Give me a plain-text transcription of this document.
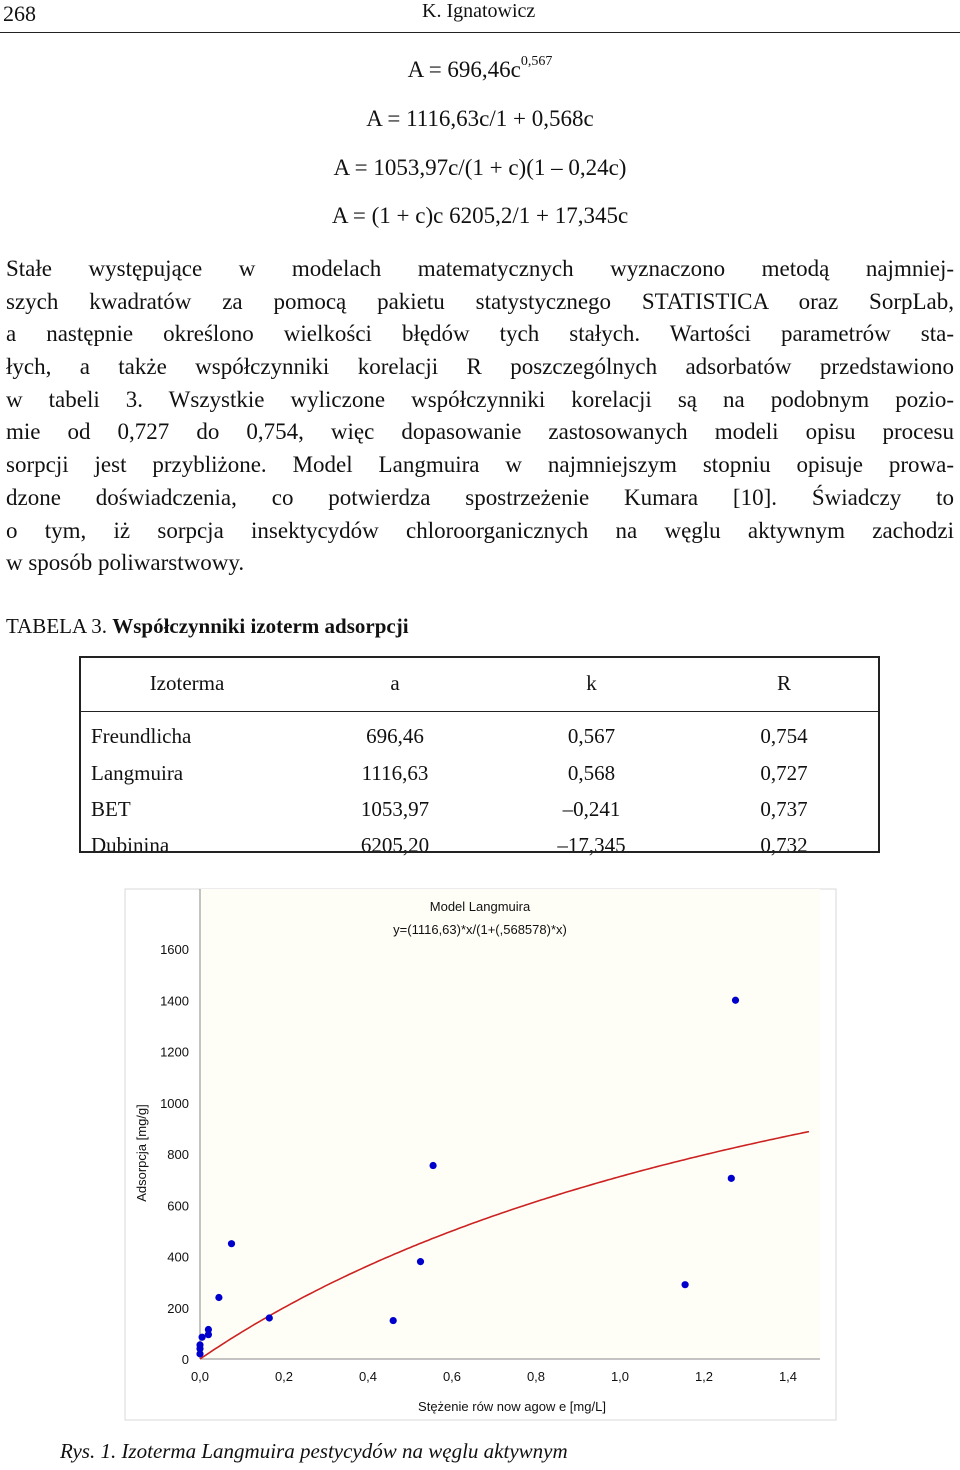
268	K. Ignatowicz
$A = 696,46c^{0,567}$
A = 1116,63c/1 + 0,568c
A = 1053,97c/(1 + c)(1 – 0,24c)
A = (1 + c)c 6205,2/1 + 17,345c
Stałe występujące w modelach matematycznych wyznaczono metodą najmniej-
szych kwadratów za pomocą pakietu statystycznego STATISTICA oraz SorpLab,
a następnie określono wielkości błędów tych stałych. Wartości parametrów sta-
łych, a także współczynniki korelacji R poszczególnych adsorbatów przedstawiono
w tabeli 3. Wszystkie wyliczone współczynniki korelacji są na podobnym pozio-
mie od 0,727 do 0,754, więc dopasowanie zastosowanych modeli opisu procesu
sorpcji jest przybliżone. Model Langmuira w najmniejszym stopniu opisuje prowa-
dzone doświadczenia, co potwierdza spostrzeżenie Kumara [10]. Świadczy to
o tym, iż sorpcja insektycydów chloroorganicznych na węglu aktywnym zachodzi
w sposób poliwarstwowy.
TABELA 3. Współczynniki izoterm adsorpcji
Izoterma	a	k	R
Freundlicha	696,46	0,567	0,754
Langmuira	1116,63	0,568	0,727
BET	1053,97	–0,241	0,737
Dubinina	6205,20	–17,345	0,732
Model Langmuira
y=(1116,63)*x/(1+(,568578)*x)
Stężenie rów now agow e [mg/L]
Adsorpcja [mg/g]
0,0	0,2	0,4	0,6	0,8	1,0	1,2	1,4
0
200
400
600
800
1000
1200
1400
1600
Rys. 1. Izoterma Langmuira pestycydów na węglu aktywnym
